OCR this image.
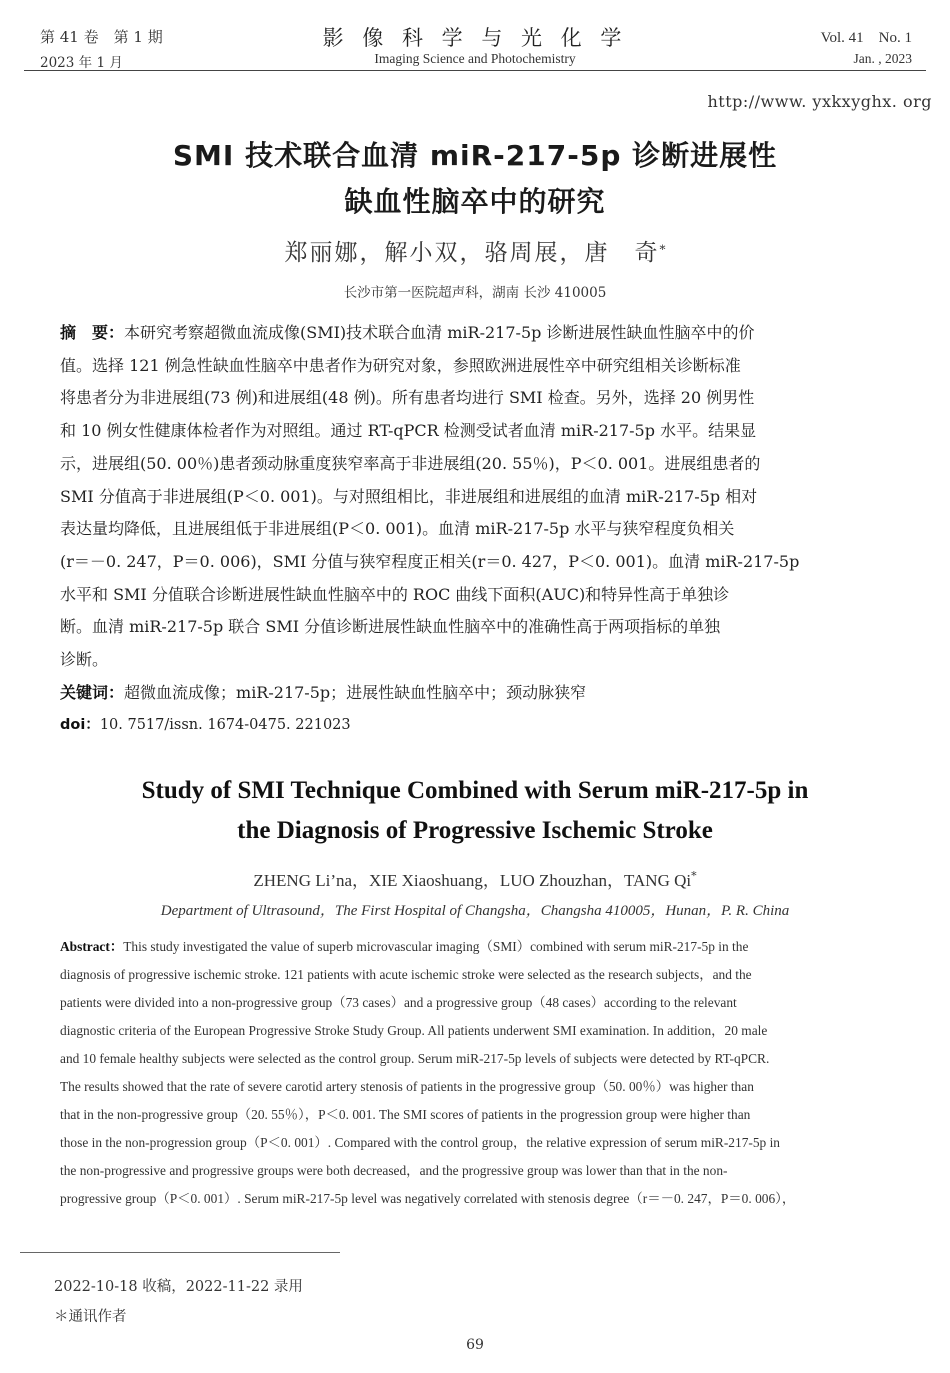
第 41 卷　第 1 期
2023 年 1 月
影 像 科 学 与 光 化 学
Imaging Science and Photochemistry
Vol. 41　No. 1
Jan. , 2023
http://www. yxkxyghx. org
SMI 技术联合血清 miR-217-5p 诊断进展性
缺血性脑卒中的研究
郑丽娜，解小双，骆周展，唐　奇*
长沙市第一医院超声科，湖南 长沙 410005
摘　要：本研究考察超微血流成像(SMI)技术联合血清 miR-217-5p 诊断进展性缺血性脑卒中的价
值。选择 121 例急性缺血性脑卒中患者作为研究对象，参照欧洲进展性卒中研究组相关诊断标准
将患者分为非进展组(73 例)和进展组(48 例)。所有患者均进行 SMI 检查。另外，选择 20 例男性
和 10 例女性健康体检者作为对照组。通过 RT-qPCR 检测受试者血清 miR-217-5p 水平。结果显
示，进展组(50. 00％)患者颈动脉重度狭窄率高于非进展组(20. 55％)，P＜0. 001。进展组患者的
SMI 分值高于非进展组(P＜0. 001)。与对照组相比，非进展组和进展组的血清 miR-217-5p 相对
表达量均降低，且进展组低于非进展组(P＜0. 001)。血清 miR-217-5p 水平与狭窄程度负相关
(r＝－0. 247，P＝0. 006)，SMI 分值与狭窄程度正相关(r＝0. 427，P＜0. 001)。血清 miR-217-5p
水平和 SMI 分值联合诊断进展性缺血性脑卒中的 ROC 曲线下面积(AUC)和特异性高于单独诊
断。血清 miR-217-5p 联合 SMI 分值诊断进展性缺血性脑卒中的准确性高于两项指标的单独
诊断。
关键词：超微血流成像；miR-217-5p；进展性缺血性脑卒中；颈动脉狭窄
doi：10. 7517/issn. 1674-0475. 221023
Study of SMI Technique Combined with Serum miR-217-5p in
the Diagnosis of Progressive Ischemic Stroke
ZHENG Li’na，XIE Xiaoshuang，LUO Zhouzhan，TANG Qi*
Department of Ultrasound，The First Hospital of Changsha，Changsha 410005，Hunan，P. R. China
Abstract：This study investigated the value of superb microvascular imaging（SMI）combined with serum miR-217-5p in the
diagnosis of progressive ischemic stroke. 121 patients with acute ischemic stroke were selected as the research subjects，and the
patients were divided into a non-progressive group（73 cases）and a progressive group（48 cases）according to the relevant
diagnostic criteria of the European Progressive Stroke Study Group. All patients underwent SMI examination. In addition，20 male
and 10 female healthy subjects were selected as the control group. Serum miR-217-5p levels of subjects were detected by RT-qPCR.
The results showed that the rate of severe carotid artery stenosis of patients in the progressive group（50. 00％）was higher than
that in the non-progressive group（20. 55％），P＜0. 001. The SMI scores of patients in the progression group were higher than
those in the non-progression group（P＜0. 001）. Compared with the control group，the relative expression of serum miR-217-5p in
the non-progressive and progressive groups were both decreased，and the progressive group was lower than that in the non-
progressive group（P＜0. 001）. Serum miR-217-5p level was negatively correlated with stenosis degree（r＝－0. 247，P＝0. 006），
2022-10-18 收稿，2022-11-22 录用
＊通讯作者
69
